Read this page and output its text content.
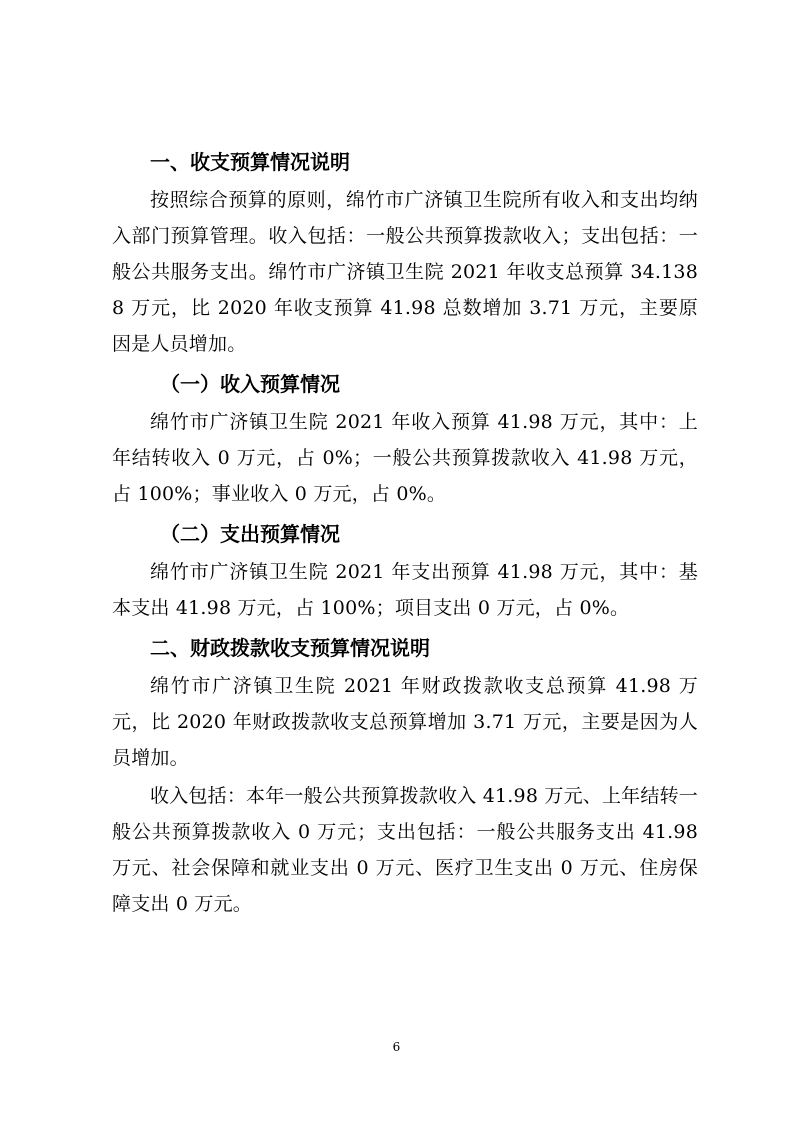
一、收支预算情况说明

按照综合预算的原则，绵竹市广济镇卫生院所有收入和支出均纳入部门预算管理。收入包括：一般公共预算拨款收入；支出包括：一般公共服务支出。绵竹市广济镇卫生院 2021 年收支总预算 34.1388 万元，比 2020 年收支预算 41.98 总数增加 3.71 万元，主要原因是人员增加。

（一）收入预算情况

绵竹市广济镇卫生院 2021 年收入预算 41.98 万元，其中：上年结转收入 0 万元，占 0%；一般公共预算拨款收入 41.98 万元，占 100%；事业收入 0 万元，占 0%。

（二）支出预算情况

绵竹市广济镇卫生院 2021 年支出预算 41.98 万元，其中：基本支出 41.98 万元，占 100%；项目支出 0 万元，占 0%。

二、财政拨款收支预算情况说明

绵竹市广济镇卫生院 2021 年财政拨款收支总预算 41.98 万元，比 2020 年财政拨款收支总预算增加 3.71 万元，主要是因为人员增加。

收入包括：本年一般公共预算拨款收入 41.98 万元、上年结转一般公共预算拨款收入 0 万元；支出包括：一般公共服务支出 41.98 万元、社会保障和就业支出 0 万元、医疗卫生支出 0 万元、住房保障支出 0 万元。

6
